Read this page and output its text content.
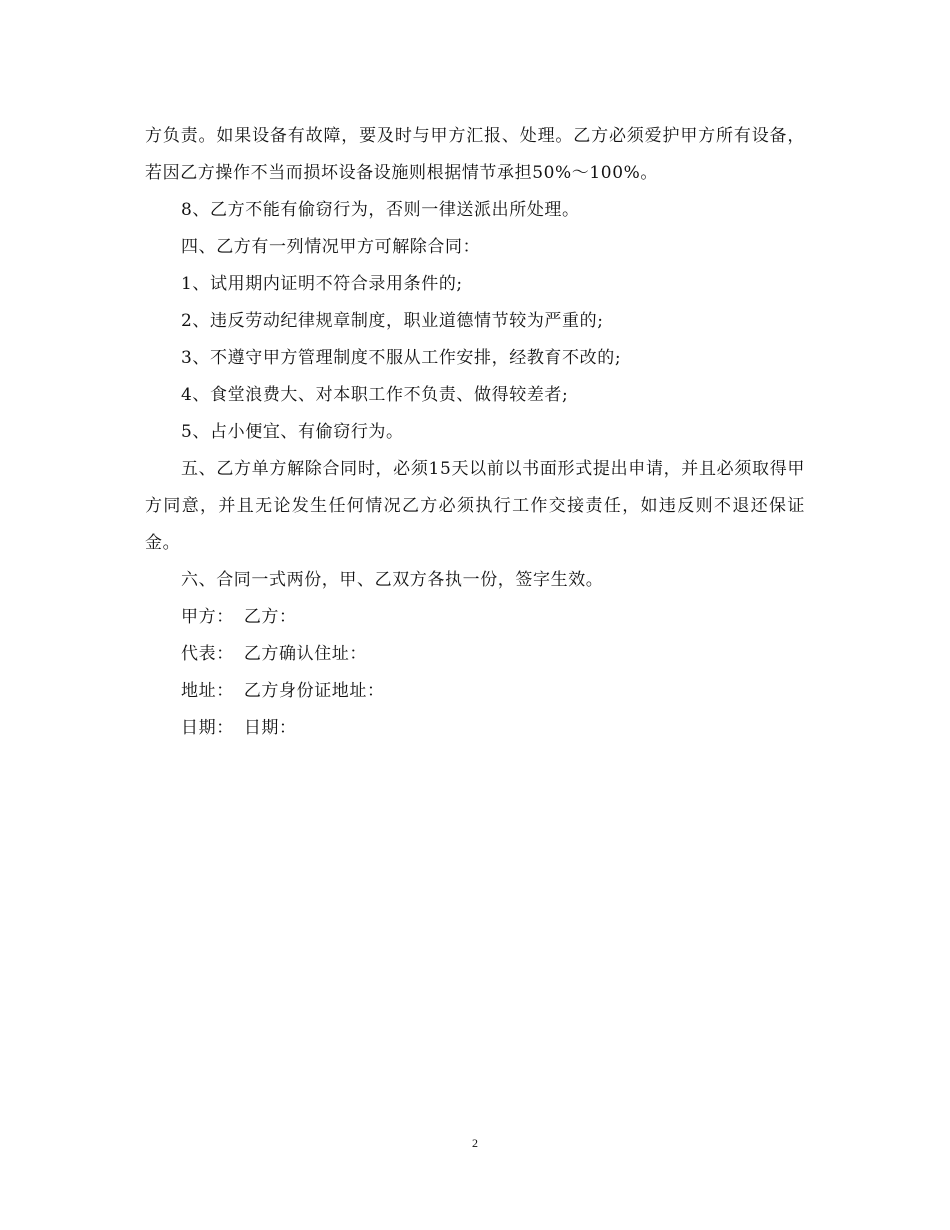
方负责。如果设备有故障，要及时与甲方汇报、处理。乙方必须爱护甲方所有设备，若因乙方操作不当而损坏设备设施则根据情节承担50%～100%。

8、乙方不能有偷窃行为，否则一律送派出所处理。

四、乙方有一列情况甲方可解除合同：

1、试用期内证明不符合录用条件的;

2、违反劳动纪律规章制度，职业道德情节较为严重的;

3、不遵守甲方管理制度不服从工作安排，经教育不改的;

4、食堂浪费大、对本职工作不负责、做得较差者;

5、占小便宜、有偷窃行为。

五、乙方单方解除合同时，必须15天以前以书面形式提出申请，并且必须取得甲方同意，并且无论发生任何情况乙方必须执行工作交接责任，如违反则不退还保证金。

六、合同一式两份，甲、乙双方各执一份，签字生效。

甲方： 乙方：

代表： 乙方确认住址：

地址： 乙方身份证地址：

日期： 日期：

2
